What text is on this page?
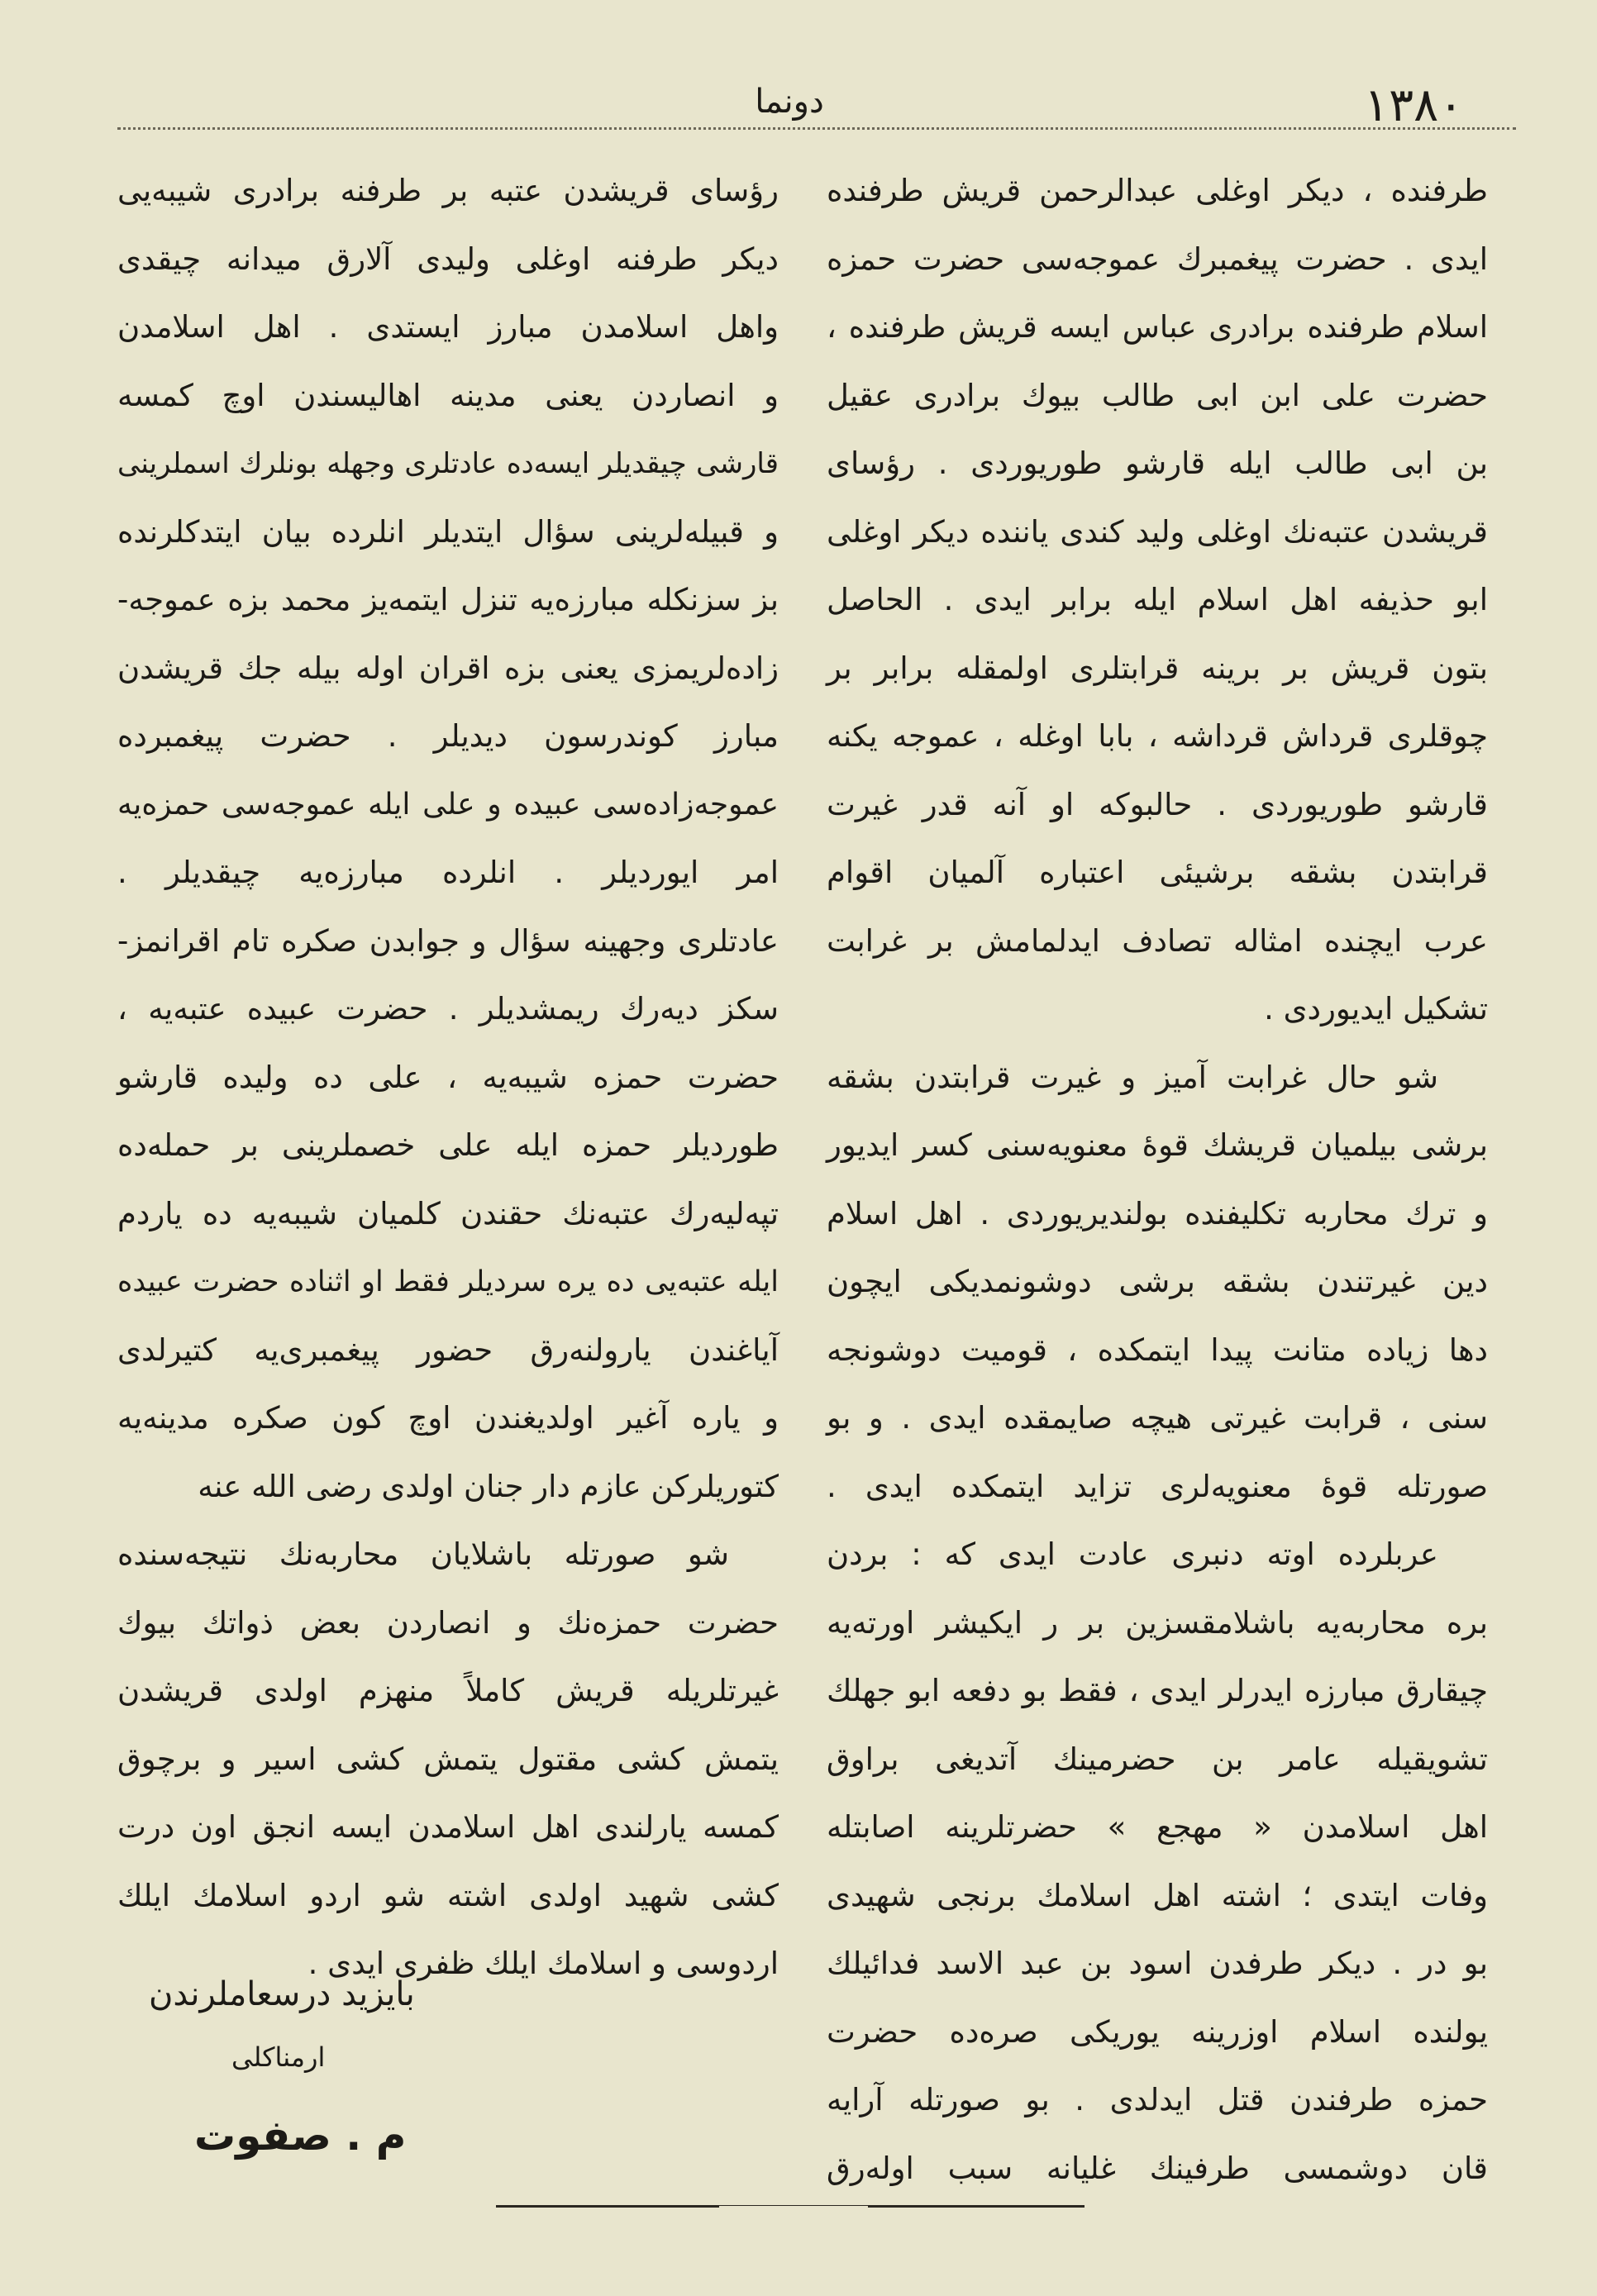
١٣٨٠
دونما
طرفنده ، دیکر اوغلی عبدالرحمن قریش طرفنده
ایدی . حضرت پیغمبرك عموجه‌سی حضرت حمزه
اسلام طرفنده برادری عباس ایسه قریش طرفنده ،
حضرت علی ابن ابی طالب بیوك برادری عقیل
بن ابی طالب ایله قارشو طوریوردی . رؤسای
قریشدن عتبه‌نك اوغلی ولید کندی یاننده دیکر اوغلی
ابو حذیفه اهل اسلام ایله برابر ایدی . الحاصل
بتون قریش بر برینه قرابتلری اولمقله برابر بر
چوقلری قرداش قرداشه ، بابا اوغله ، عموجه یکنه
قارشو طوریوردی . حالبوکه او آنه قدر غیرت
قرابتدن بشقه برشیئی اعتباره آلمیان اقوام
عرب ایچنده امثاله تصادف ایدلمامش بر غرابت
تشکیل ایدیوردی .
شو حال غرابت آمیز و غیرت قرابتدن بشقه
برشی بیلمیان قریشك قوۀ معنویه‌سنی کسر ایدیور
و ترك محاربه تکلیفنده بولندیریوردی . اهل اسلام
دین غیرتندن بشقه برشی دوشونمدیکی ایچون
دها زیاده متانت پیدا ایتمکده ، قومیت دوشونجه‌
سنی ، قرابت غیرتی هیچه صایمقده ایدی . و بو
صورتله قوۀ معنویه‌لری تزاید ایتمکده ایدی .
عربلرده اوته دنبری عادت ایدی که : بردن
بره محاربه‌یه باشلامقسزین بر ر ایکیشر اورته‌یه
چیقارق مبارزه ایدرلر ایدی ، فقط بو دفعه ابو جهلك
تشویقیله عامر بن حضرمینك آتدیغی براوق
اهل اسلامدن « مهجع » حضرتلرینه اصابتله
وفات ایتدی ؛ اشته اهل اسلامك برنجی شهیدی
بو در . دیکر طرفدن اسود بن عبد الاسد فدائیلك
یولنده اسلام اوزرینه یوریکی صره‌ده حضرت
حمزه طرفندن قتل ایدلدی . بو صورتله آرایه
قان دوشمسی طرفینك غلیانه سبب اوله‌رق
رؤسای قریشدن عتبه بر طرفنه برادری شیبه‌یی
دیکر طرفنه اوغلی ولیدی آلارق میدانه چیقدی
واهل اسلامدن مبارز ایستدی . اهل اسلامدن
و انصاردن یعنی مدینه اهالیسندن اوچ کمسه
قارشی چیقدیلر ایسه‌ده عادتلری وجهله بونلرك اسملرینی
و قبیله‌لرینی سؤال ایتدیلر انلرده بیان ایتدکلرنده
بز سزنکله مبارزه‌یه تنزل ایتمه‌یز محمد بزه عموجه‌-
زاده‌لریمزی یعنی بزه اقران اوله بیله جك قریشدن
مبارز کوندرسون دیدیلر . حضرت پیغمبرده
عموجه‌زاده‌سی عبیده و علی ایله عموجه‌سی حمزه‌یه
امر ایوردیلر . انلرده مبارزه‌یه چیقدیلر .
عادتلری وجهینه سؤال و جوابدن صکره تام اقرانمز-
سکز دیه‌رك ریمشدیلر . حضرت عبیده عتبه‌یه ،
حضرت حمزه شیبه‌یه ، علی ده ولیده قارشو
طوردیلر حمزه ایله علی خصملرینی بر حمله‌ده
تپه‌لیه‌رك عتبه‌نك حقندن کلمیان شیبه‌یه ده یاردم
ایله عتبه‌یی ده یره سردیلر فقط او اثناده حضرت عبیده
آیاغندن یارولنه‌رق حضور پیغمبری‌یه کتیرلدی
و یاره آغیر اولدیغندن اوچ کون صکره مدینه‌یه
کتوریلرکن عازم دار جنان اولدی رضی الله عنه
شو صورتله باشلایان محاربه‌نك نتیجه‌سنده
حضرت حمزه‌نك و انصاردن بعض ذواتك بیوك
غیرتلریله قریش کاملاً منهزم اولدی قریشدن
یتمش کشی مقتول یتمش کشی اسیر و برچوق
کمسه یارلندی اهل اسلامدن ایسه انجق اون درت
کشی شهید اولدی اشته شو اردو اسلامك ایلك
اردوسی و اسلامك ایلك ظفری ایدی .
بایزید درسعاملرندن
ارمناکلی
م . صفوت
